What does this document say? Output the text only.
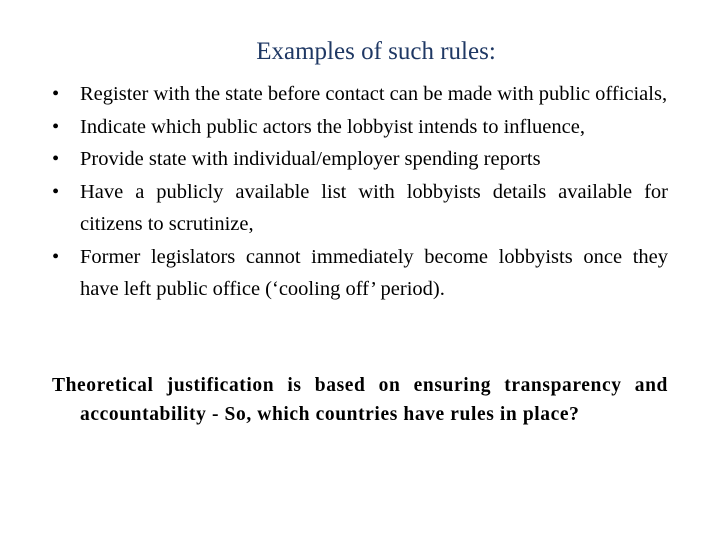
Examples of such rules:
•	Register with the state before contact can be made with public officials,
•	Indicate which public actors the lobbyist intends to influence,
•	Provide state with individual/employer spending reports
•	Have a publicly available list with lobbyists details available for citizens to scrutinize,
•	Former legislators cannot immediately become lobbyists once they have left public office (‘cooling off’ period).

Theoretical justification is based on ensuring transparency and accountability - So, which countries have rules in place?
